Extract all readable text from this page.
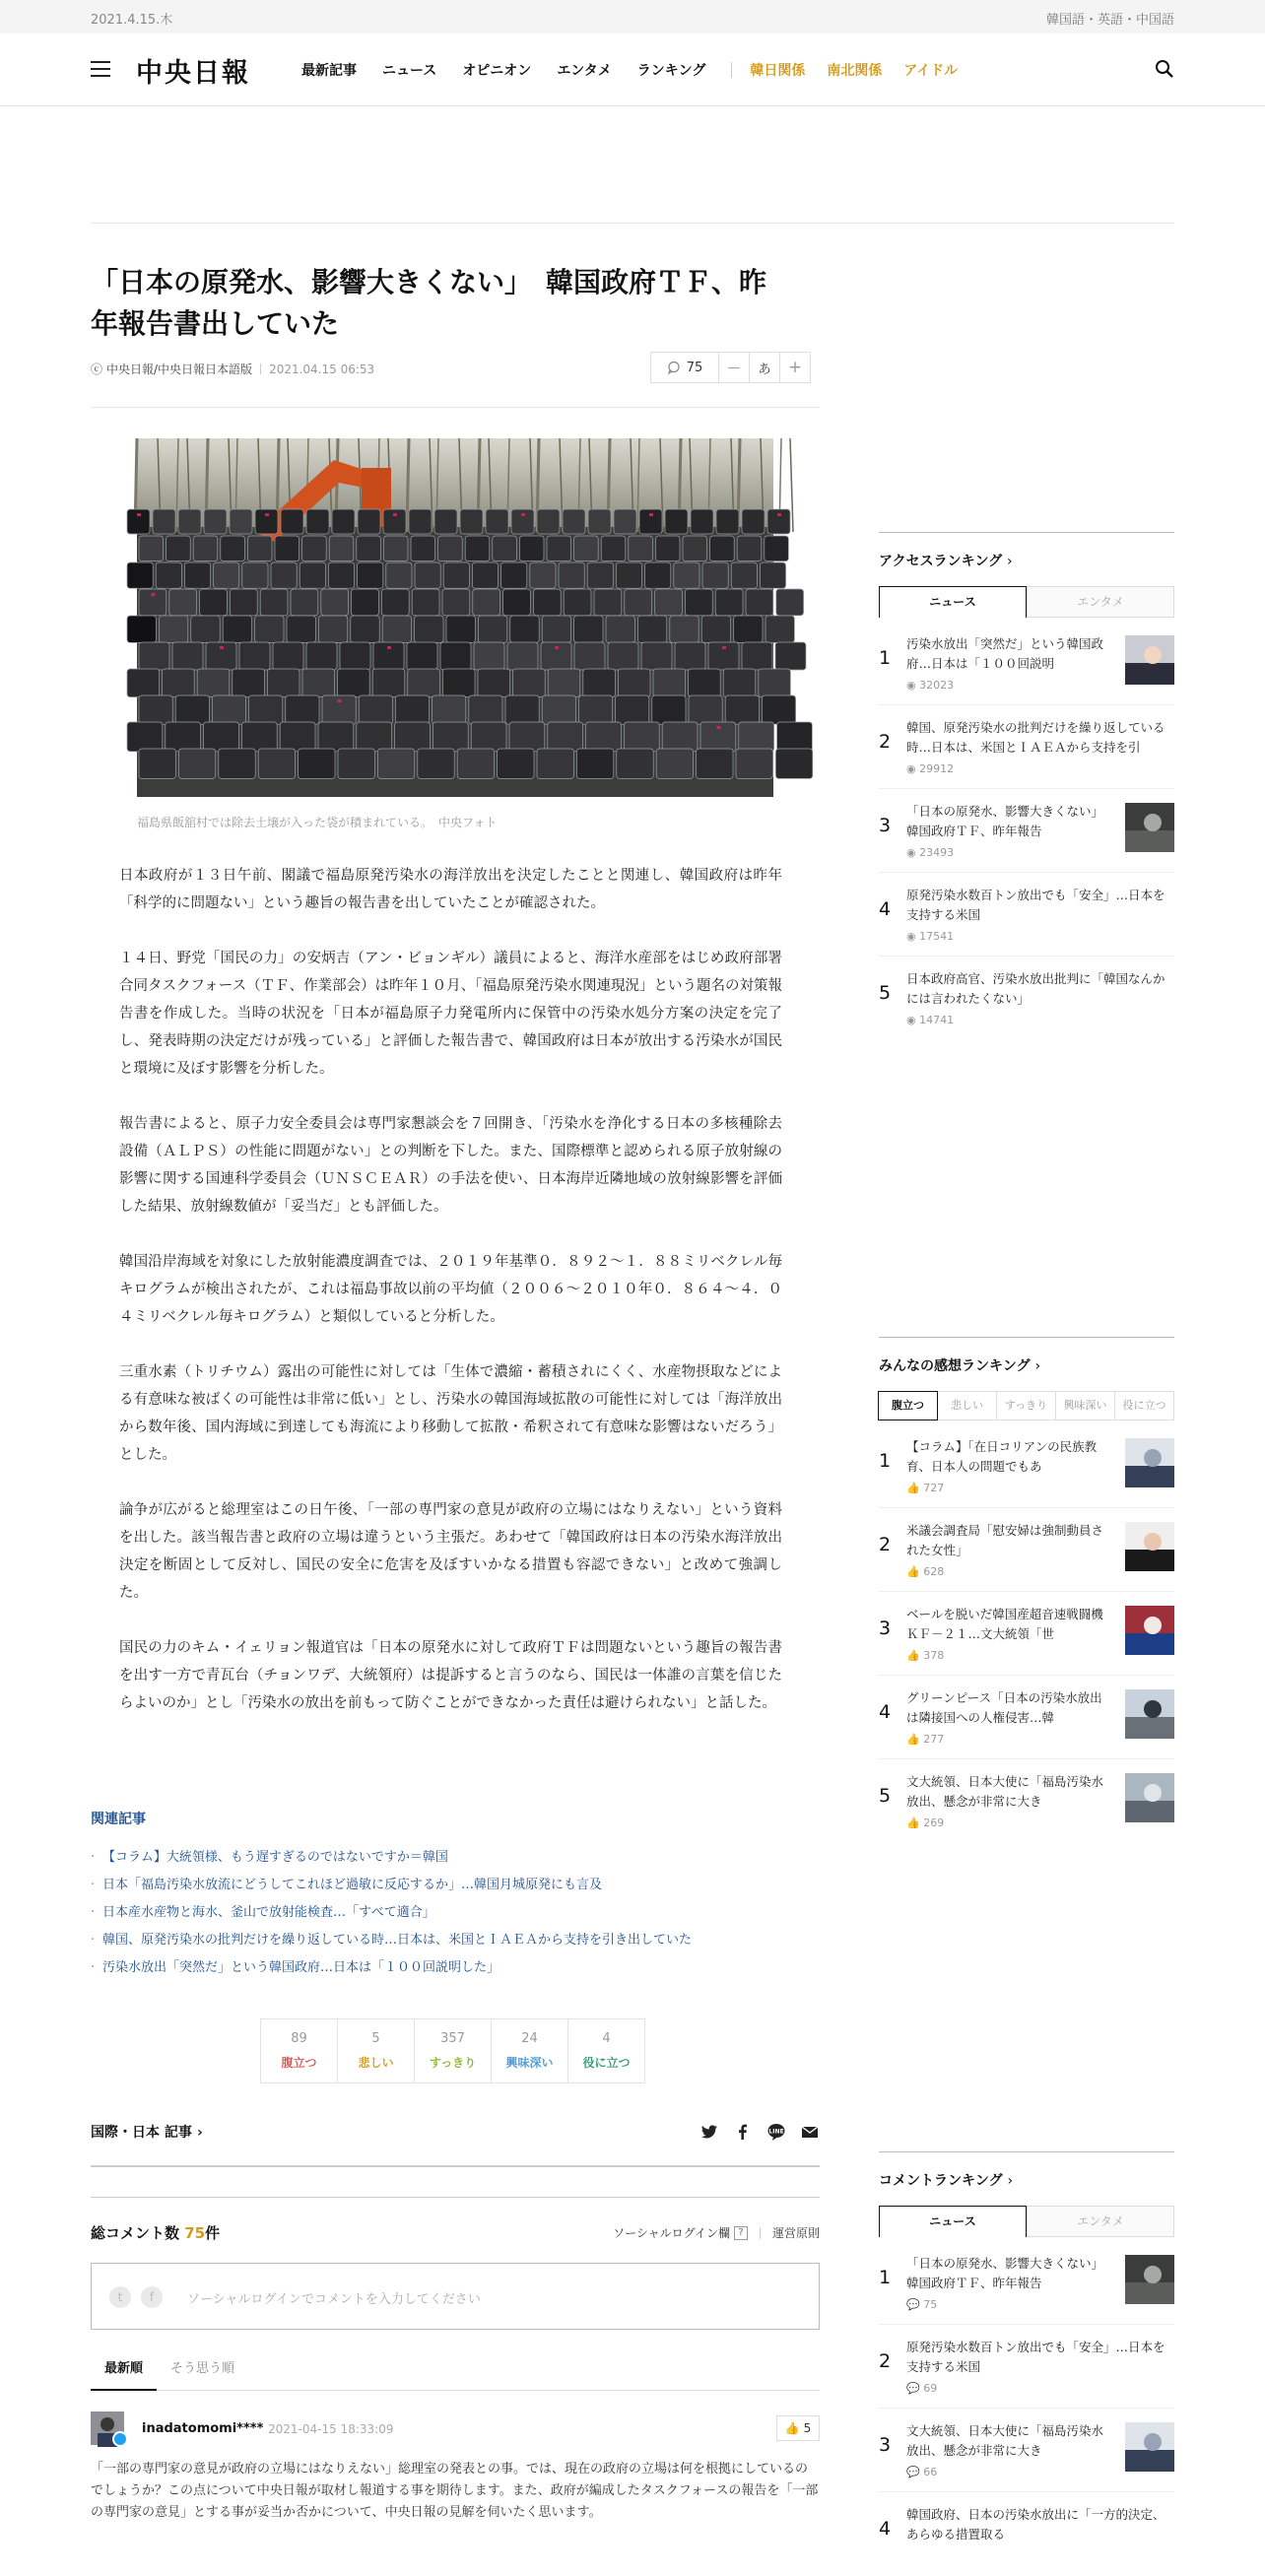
2021.4.15.木	韓国語・英語・中国語
中央日報	最新記事 ニュース オピニオン エンタメ ランキング	韓日関係 南北関係 アイドル
「日本の原発水、影響大きくない」　韓国政府ＴＦ、昨年報告書出していた
ⓒ 中央日報/中央日報日本語版 2021.04.15 06:53	75	—	あ	+
福島県飯舘村では除去土壌が入った袋が積まれている。　中央フォト

日本政府が１３日午前、閣議で福島原発汚染水の海洋放出を決定したことと関連し、韓国政府は昨年「科学的に問題ない」という趣旨の報告書を出していたことが確認された。

１４日、野党「国民の力」の安炳吉（アン・ビョンギル）議員によると、海洋水産部をはじめ政府部署合同タスクフォース（ＴＦ、作業部会）は昨年１０月、「福島原発汚染水関連現況」という題名の対策報告書を作成した。当時の状況を「日本が福島原子力発電所内に保管中の汚染水処分方案の決定を完了し、発表時期の決定だけが残っている」と評価した報告書で、韓国政府は日本が放出する汚染水が国民と環境に及ぼす影響を分析した。

報告書によると、原子力安全委員会は専門家懇談会を７回開き、「汚染水を浄化する日本の多核種除去設備（ＡＬＰＳ）の性能に問題がない」との判断を下した。また、国際標準と認められる原子放射線の影響に関する国連科学委員会（ＵＮＳＣＥＡＲ）の手法を使い、日本海岸近隣地域の放射線影響を評価した結果、放射線数値が「妥当だ」とも評価した。

韓国沿岸海域を対象にした放射能濃度調査では、２０１９年基準０．８９２～１．８８ミリベクレル毎キログラムが検出されたが、これは福島事故以前の平均値（２００６～２０１０年０．８６４～４．０４ミリベクレル毎キログラム）と類似していると分析した。

三重水素（トリチウム）露出の可能性に対しては「生体で濃縮・蓄積されにくく、水産物摂取などによる有意味な被ばくの可能性は非常に低い」とし、汚染水の韓国海域拡散の可能性に対しては「海洋放出から数年後、国内海域に到達しても海流により移動して拡散・希釈されて有意味な影響はないだろう」とした。

論争が広がると総理室はこの日午後、「一部の専門家の意見が政府の立場にはなりえない」という資料を出した。該当報告書と政府の立場は違うという主張だ。あわせて「韓国政府は日本の汚染水海洋放出決定を断固として反対し、国民の安全に危害を及ぼすいかなる措置も容認できない」と改めて強調した。

国民の力のキム・イェリョン報道官は「日本の原発水に対して政府ＴＦは問題ないという趣旨の報告書を出す一方で青瓦台（チョンワデ、大統領府）は提訴すると言うのなら、国民は一体誰の言葉を信じたらよいのか」とし「汚染水の放出を前もって防ぐことができなかった責任は避けられない」と話した。

関連記事
· 【コラム】大統領様、もう遅すぎるのではないですか＝韓国
· 日本「福島汚染水放流にどうしてこれほど過敏に反応するか」…韓国月城原発にも言及
· 日本産水産物と海水、釜山で放射能検査…「すべて適合」
· 韓国、原発汚染水の批判だけを繰り返している時…日本は、米国とＩＡＥＡから支持を引き出していた
· 汚染水放出「突然だ」という韓国政府…日本は「１００回説明した」
89
腹立つ
5
悲しい
357
すっきり
24
興味深い
4
役に立つ
国際・日本 記事 ›	LINE
総コメント数 75件	ソーシャルログイン欄 ?	運営原則
t	f	ソーシャルログインでコメントを入力してください
最新順	そう思う順
inadatomomi**** 2021-04-15 18:33:09	👍 5
「一部の専門家の意見が政府の立場にはなりえない」総理室の発表との事。では、現在の政府の立場は何を根拠にしているのでしょうか？この点について中央日報が取材し報道する事を期待します。また、政府が編成したタスクフォースの報告を「一部の専門家の意見」とする事が妥当か否かについて、中央日報の見解を伺いたく思います。
アクセスランキング ›
ニュース	エンタメ
1
汚染水放出「突然だ」という韓国政府…日本は「１００回説明
◉ 32023
2
韓国、原発汚染水の批判だけを繰り返している時…日本は、米国とＩＡＥＡから支持を引
◉ 29912
3
「日本の原発水、影響大きくない」　韓国政府ＴＦ、昨年報告
◉ 23493
4
原発汚染水数百トン放出でも「安全」…日本を支持する米国
◉ 17541
5
日本政府高官、汚染水放出批判に「韓国なんかには言われたくない」
◉ 14741
みんなの感想ランキング ›
腹立つ	悲しい	すっきり	興味深い	役に立つ
1
【コラム】「在日コリアンの民族教育、日本人の問題でもあ
👍 727
2
米議会調査局「慰安婦は強制動員された女性」
👍 628
3
ベールを脱いだ韓国産超音速戦闘機ＫＦ－２１…文大統領「世
👍 378
4
グリーンピース「日本の汚染水放出は隣接国への人権侵害…韓
👍 277
5
文大統領、日本大使に「福島汚染水放出、懸念が非常に大き
👍 269
コメントランキング ›
ニュース	エンタメ
1
「日本の原発水、影響大きくない」　韓国政府ＴＦ、昨年報告
💬 75
2
原発汚染水数百トン放出でも「安全」…日本を支持する米国
💬 69
3
文大統領、日本大使に「福島汚染水放出、懸念が非常に大き
💬 66
4
韓国政府、日本の汚染水放出に「一方的決定、あらゆる措置取る
